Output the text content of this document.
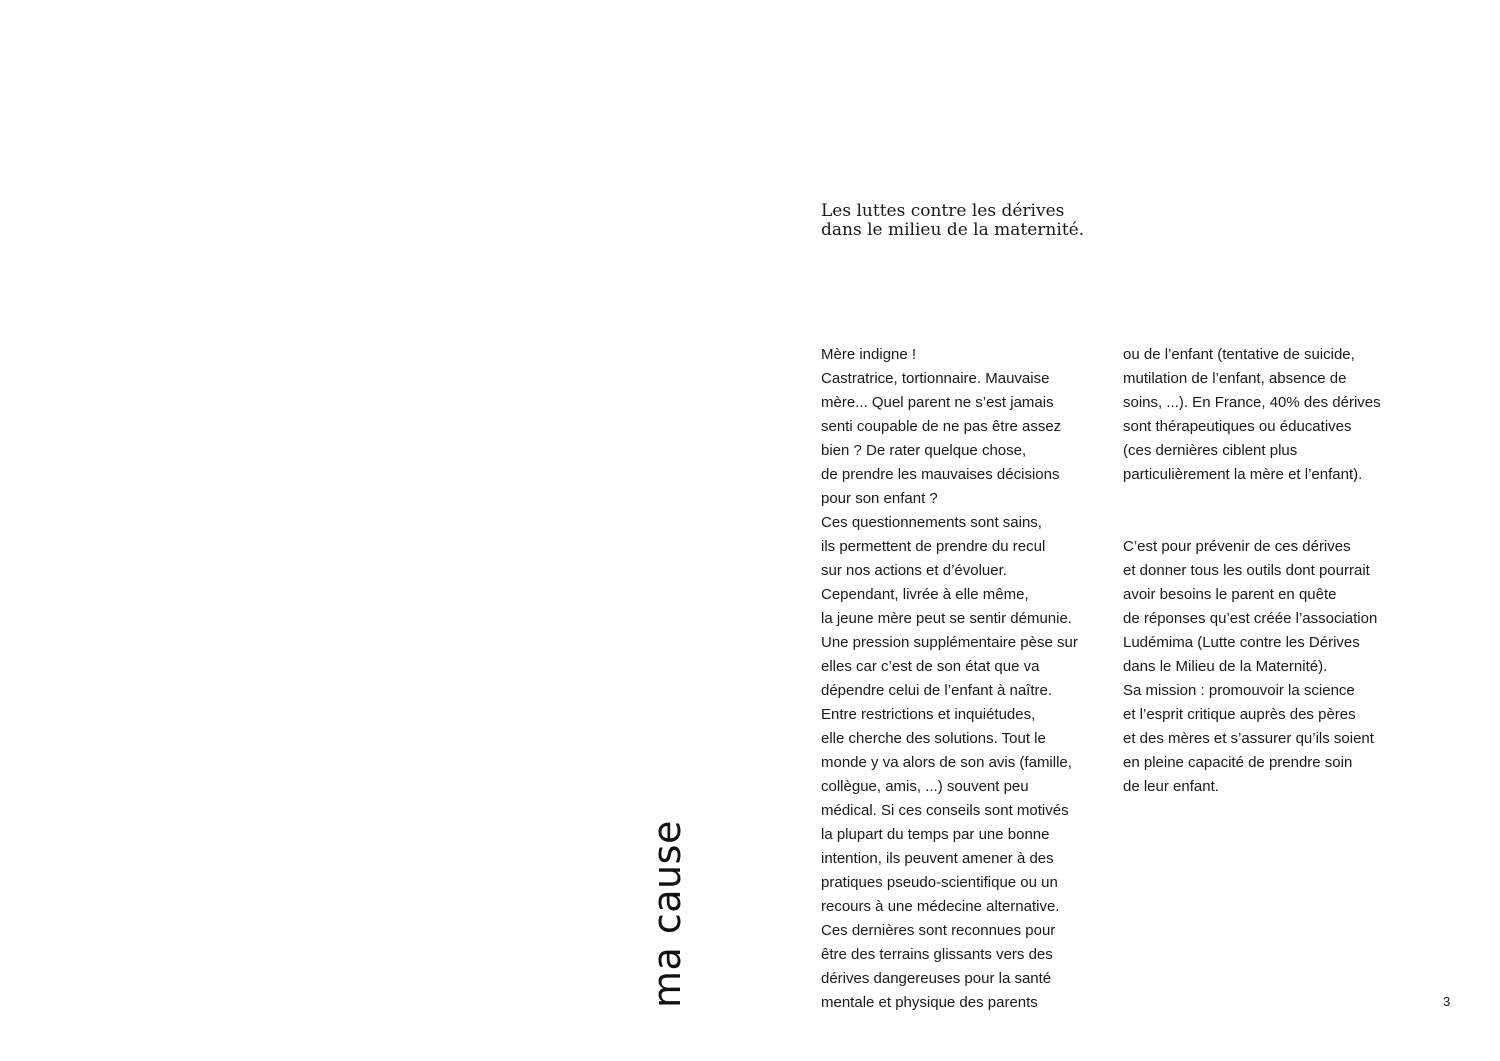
Les luttes contre les dérives
dans le milieu de la maternité.
Mère indigne !
Castratrice, tortionnaire. Mauvaise
mère... Quel parent ne s’est jamais
senti coupable de ne pas être assez
bien ? De rater quelque chose,
de prendre les mauvaises décisions
pour son enfant ?
Ces questionnements sont sains,
ils permettent de prendre du recul
sur nos actions et d’évoluer.
Cependant, livrée à elle même,
la jeune mère peut se sentir démunie.
Une pression supplémentaire pèse sur
elles car c’est de son état que va
dépendre celui de l’enfant à naître.
Entre restrictions et inquiétudes,
elle cherche des solutions. Tout le
monde y va alors de son avis (famille,
collègue, amis, ...) souvent peu
médical. Si ces conseils sont motivés
la plupart du temps par une bonne
intention, ils peuvent amener à des
pratiques pseudo-scientifique ou un
recours à une médecine alternative.
Ces dernières sont reconnues pour
être des terrains glissants vers des
dérives dangereuses pour la santé
mentale et physique des parents
ou de l’enfant (tentative de suicide,
mutilation de l’enfant, absence de
soins, ...). En France, 40% des dérives
sont thérapeutiques ou éducatives
(ces dernières ciblent plus
particulièrement la mère et l’enfant).
C’est pour prévenir de ces dérives
et donner tous les outils dont pourrait
avoir besoins le parent en quête
de réponses qu’est créée l’association
Ludémima (Lutte contre les Dérives
dans le Milieu de la Maternité).
Sa mission : promouvoir la science
et l’esprit critique auprès des pères
et des mères et s’assurer qu’ils soient
en pleine capacité de prendre soin
de leur enfant.
ma cause	3
